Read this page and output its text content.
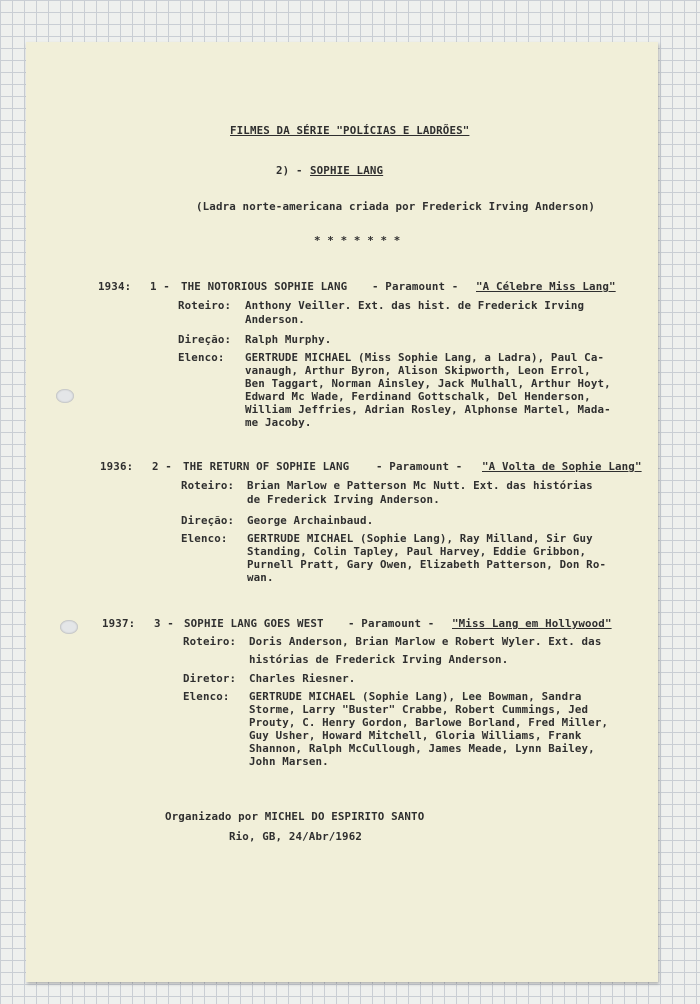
FILMES DA SÉRIE "POLÍCIAS E LADRÕES"
2) - SOPHIE LANG
(Ladra norte-americana criada por Frederick Irving Anderson)
* * * * * * *
1934: 1 - THE NOTORIOUS SOPHIE LANG - Paramount - "A Célebre Miss Lang"
Roteiro: Anthony Veiller. Ext. das hist. de Frederick Irving
Anderson.
Direção: Ralph Murphy.
Elenco: GERTRUDE MICHAEL (Miss Sophie Lang, a Ladra), Paul Ca-
vanaugh, Arthur Byron, Alison Skipworth, Leon Errol,
Ben Taggart, Norman Ainsley, Jack Mulhall, Arthur Hoyt,
Edward Mc Wade, Ferdinand Gottschalk, Del Henderson,
William Jeffries, Adrian Rosley, Alphonse Martel, Mada-
me Jacoby.
1936: 2 - THE RETURN OF SOPHIE LANG - Paramount - "A Volta de Sophie Lang"
Roteiro: Brian Marlow e Patterson Mc Nutt. Ext. das histórias
de Frederick Irving Anderson.
Direção: George Archainbaud.
Elenco: GERTRUDE MICHAEL (Sophie Lang), Ray Milland, Sir Guy
Standing, Colin Tapley, Paul Harvey, Eddie Gribbon,
Purnell Pratt, Gary Owen, Elizabeth Patterson, Don Ro-
wan.
1937: 3 - SOPHIE LANG GOES WEST - Paramount - "Miss Lang em Hollywood"
Roteiro: Doris Anderson, Brian Marlow e Robert Wyler. Ext. das
histórias de Frederick Irving Anderson.
Diretor: Charles Riesner.
Elenco: GERTRUDE MICHAEL (Sophie Lang), Lee Bowman, Sandra
Storme, Larry "Buster" Crabbe, Robert Cummings, Jed
Prouty, C. Henry Gordon, Barlowe Borland, Fred Miller,
Guy Usher, Howard Mitchell, Gloria Williams, Frank
Shannon, Ralph McCullough, James Meade, Lynn Bailey,
John Marsen.
Organizado por MICHEL DO ESPIRITO SANTO
Rio, GB, 24/Abr/1962
